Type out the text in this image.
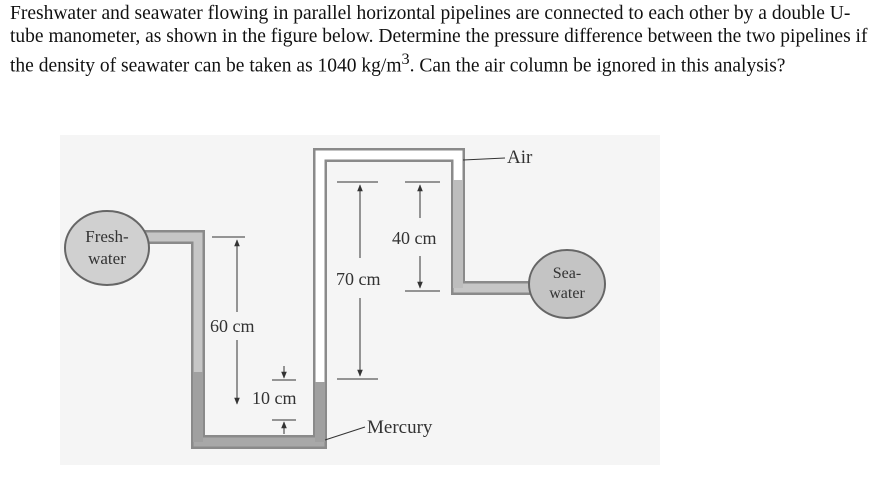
Freshwater and seawater flowing in parallel horizontal pipelines are connected to each other by a double U-tube manometer, as shown in the figure below. Determine the pressure difference between the two pipelines if the density of seawater can be taken as 1040 $kg/m^3$. Can the air column be ignored in this analysis?

Fresh-
water
Sea-
water
Air
60 cm
10 cm
70 cm
40 cm
Mercury
